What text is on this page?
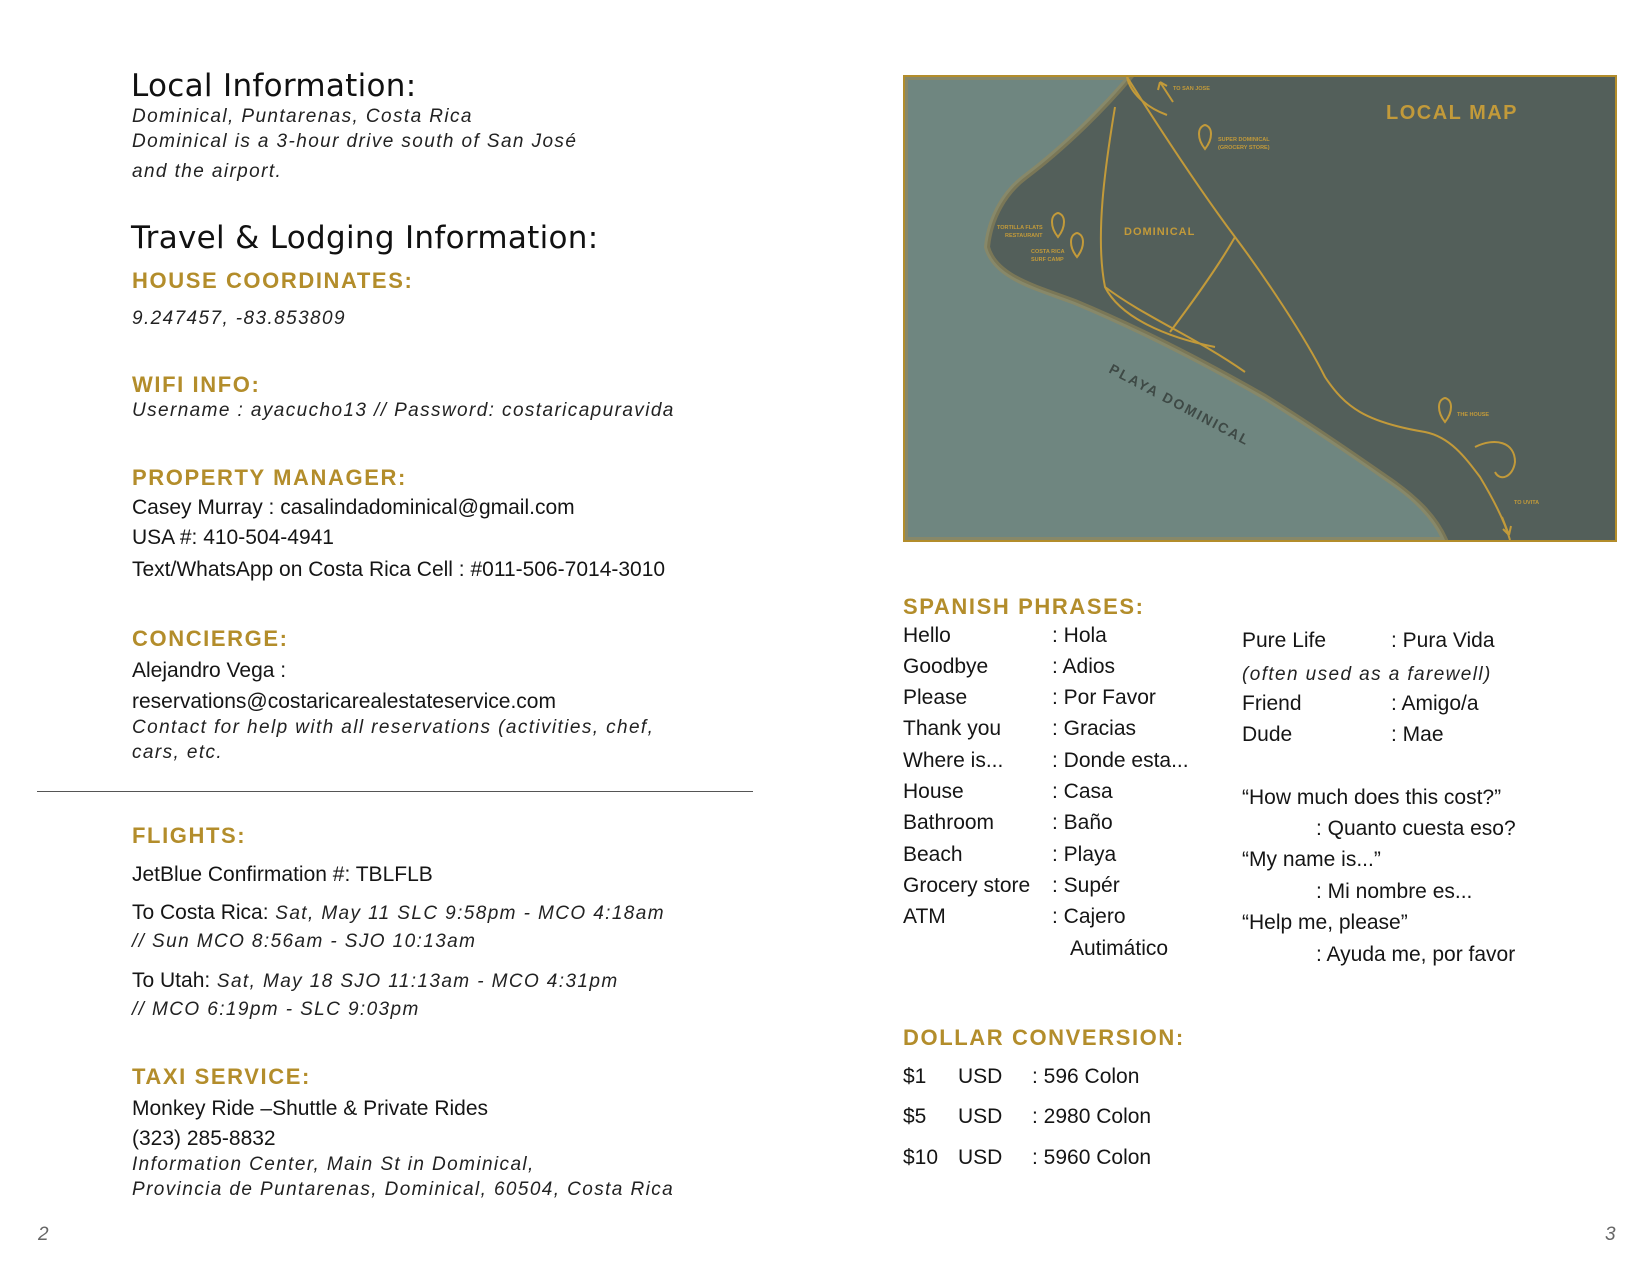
Local Information:
Dominical, Puntarenas, Costa Rica
Dominical is a 3-hour drive south of San José
and the airport.
Travel & Lodging Information:
HOUSE COORDINATES:
9.247457, -83.853809
WIFI INFO:
Username : ayacucho13 // Password: costaricapuravida
PROPERTY MANAGER:
Casey Murray : casalindadominical@gmail.com
USA #: 410-504-4941
Text/WhatsApp on Costa Rica Cell : #011-506-7014-3010
CONCIERGE:
Alejandro Vega :
reservations@costaricarealestateservice.com
Contact for help with all reservations (activities, chef,
cars, etc.
FLIGHTS:
JetBlue Confirmation #: TBLFLB
To Costa Rica: Sat, May 11 SLC 9:58pm - MCO 4:18am
// Sun MCO 8:56am - SJO 10:13am
To Utah: Sat, May 18 SJO 11:13am - MCO 4:31pm
// MCO 6:19pm - SLC 9:03pm
TAXI SERVICE:
Monkey Ride –Shuttle & Private Rides
(323) 285-8832
Information Center, Main St in Dominical,
Provincia de Puntarenas, Dominical, 60504, Costa Rica
2
LOCAL MAP
DOMINICAL
PLAYA DOMINICAL
TO SAN JOSE
SUPER DOMINICAL
(GROCERY STORE)
TORTILLA FLATS
RESTAURANT
COSTA RICA
SURF CAMP
THE HOUSE
TO UVITA
SPANISH PHRASES:
Hello	: Hola
Goodbye	: Adios
Please	: Por Favor
Thank you : Gracias
Where is... : Donde esta...
House	: Casa
Bathroom	: Baño
Beach	: Playa
Grocery store : Supér
ATM	: Cajero
Autimático
Pure Life	: Pura Vida
(often used as a farewell)
Friend	: Amigo/a
Dude	: Mae
“How much does this cost?”
: Quanto cuesta eso?
“My name is...”
: Mi nombre es...
“Help me, please”
: Ayuda me, por favor
DOLLAR CONVERSION:
$1 USD : 596 Colon
$5 USD : 2980 Colon
$10 USD : 5960 Colon
3
